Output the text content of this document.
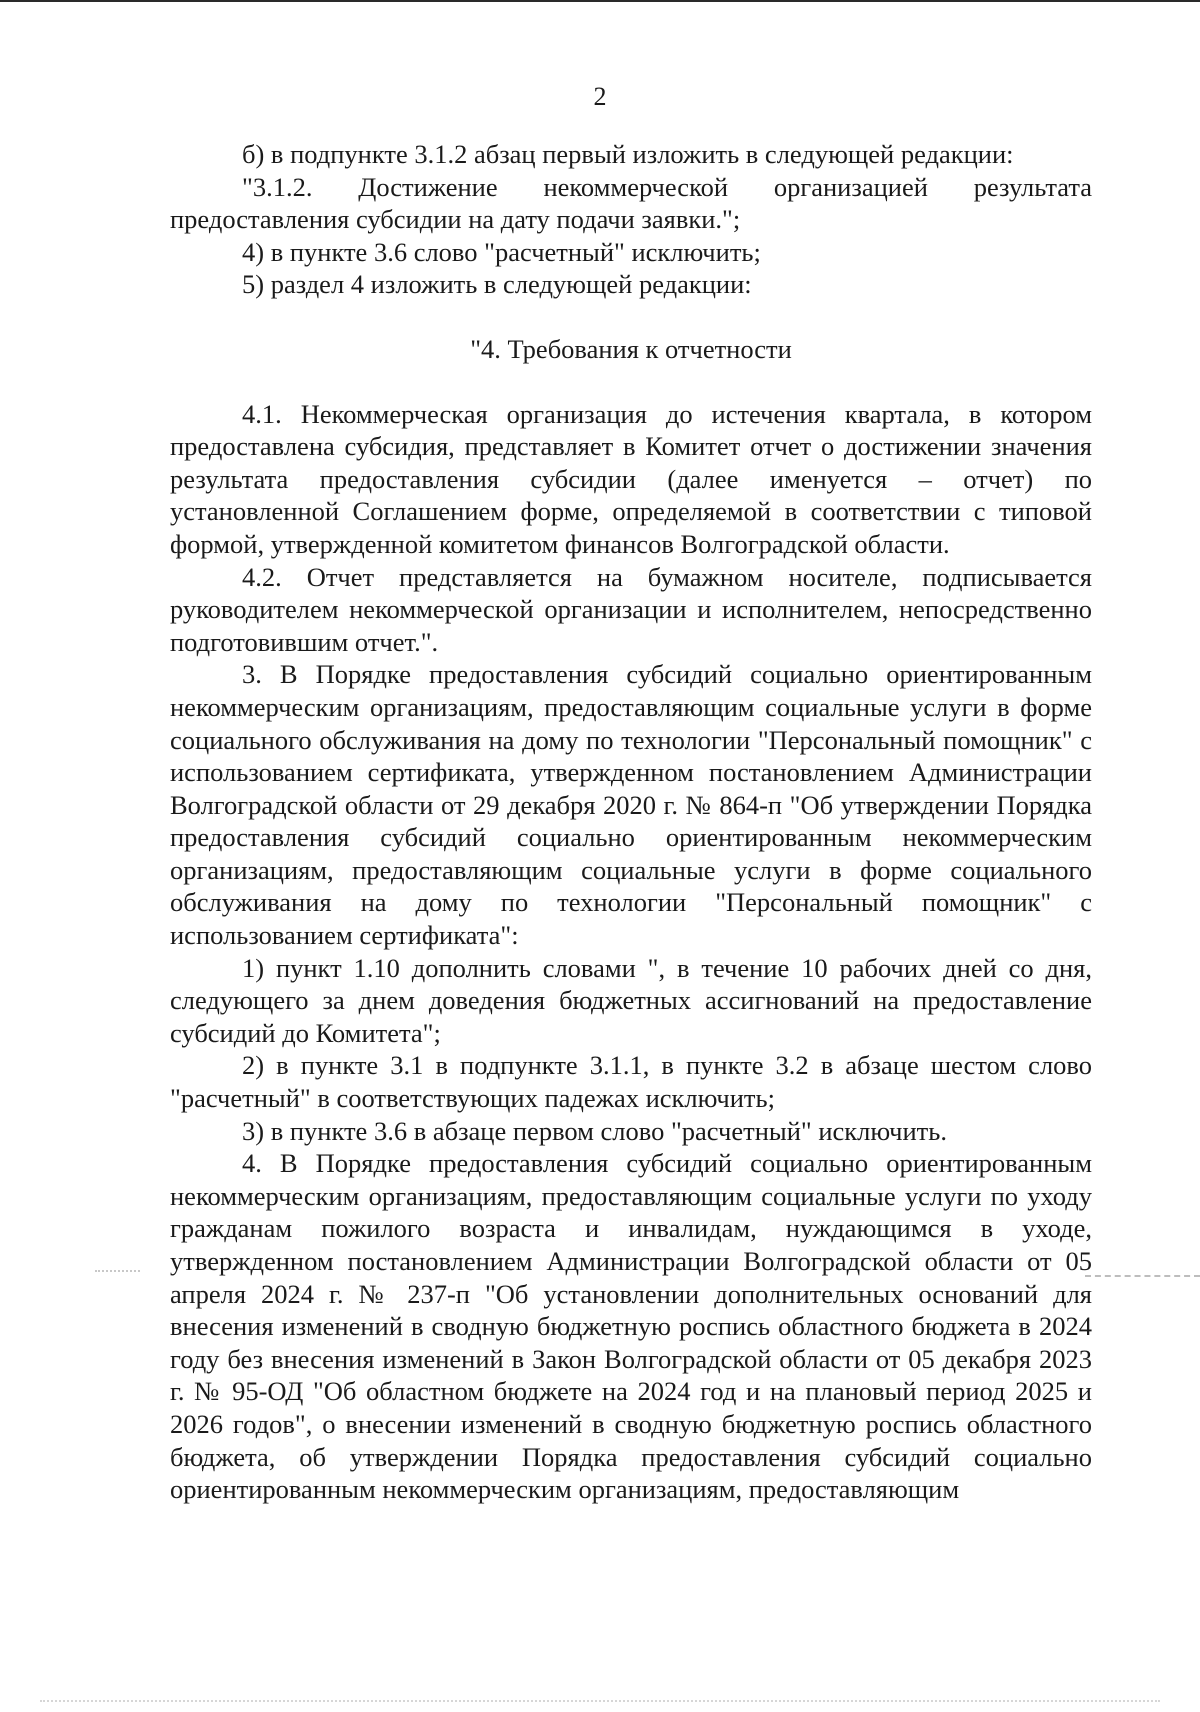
2

б) в подпункте 3.1.2 абзац первый изложить в следующей редакции:

"3.1.2. Достижение некоммерческой организацией результата предоставления субсидии на дату подачи заявки.";

4) в пункте 3.6 слово "расчетный" исключить;

5) раздел 4 изложить в следующей редакции:

"4. Требования к отчетности

4.1. Некоммерческая организация до истечения квартала, в котором предоставлена субсидия, представляет в Комитет отчет о достижении значения результата предоставления субсидии (далее именуется – отчет) по установленной Соглашением форме, определяемой в соответствии с типовой формой, утвержденной комитетом финансов Волгоградской области.

4.2. Отчет представляется на бумажном носителе, подписывается руководителем некоммерческой организации и исполнителем, непосредственно подготовившим отчет.".

3. В Порядке предоставления субсидий социально ориентированным некоммерческим организациям, предоставляющим социальные услуги в форме социального обслуживания на дому по технологии "Персональный помощник" с использованием сертификата, утвержденном постановлением Администрации Волгоградской области от 29 декабря 2020 г. № 864-п "Об утверждении Порядка предоставления субсидий социально ориентированным некоммерческим организациям, предоставляющим социальные услуги в форме социального обслуживания на дому по технологии "Персональный помощник" с использованием сертификата":

1) пункт 1.10 дополнить словами ", в течение 10 рабочих дней со дня, следующего за днем доведения бюджетных ассигнований на предоставление субсидий до Комитета";

2) в пункте 3.1 в подпункте 3.1.1, в пункте 3.2 в абзаце шестом слово "расчетный" в соответствующих падежах исключить;

3) в пункте 3.6 в абзаце первом слово "расчетный" исключить.

4. В Порядке предоставления субсидий социально ориентированным некоммерческим организациям, предоставляющим социальные услуги по уходу гражданам пожилого возраста и инвалидам, нуждающимся в уходе, утвержденном постановлением Администрации Волгоградской области от 05 апреля 2024 г. № 237-п "Об установлении дополнительных оснований для внесения изменений в сводную бюджетную роспись областного бюджета в 2024 году без внесения изменений в Закон Волгоградской области от 05 декабря 2023 г. № 95-ОД "Об областном бюджете на 2024 год и на плановый период 2025 и 2026 годов", о внесении изменений в сводную бюджетную роспись областного бюджета, об утверждении Порядка предоставления субсидий социально ориентированным некоммерческим организациям, предоставляющим
